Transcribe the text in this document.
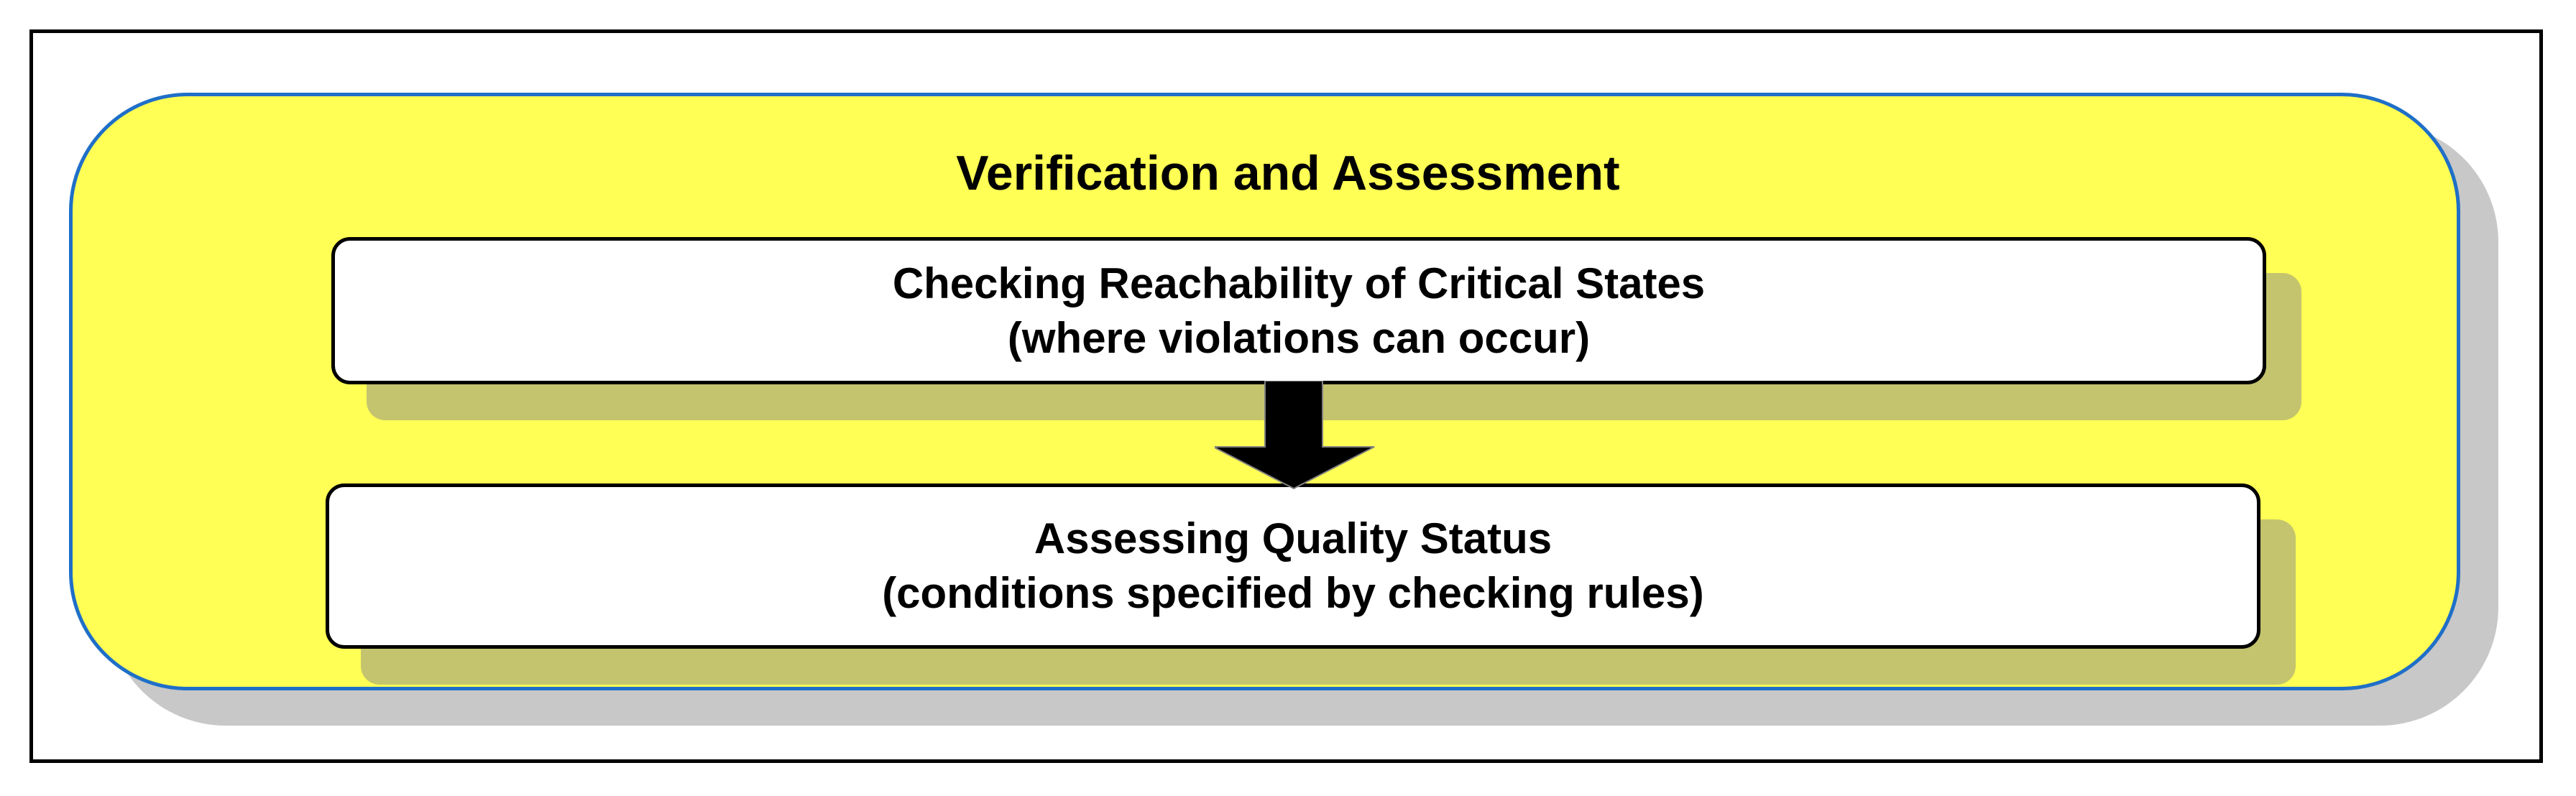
Verification and Assessment
Checking Reachability of Critical States
(where violations can occur)
Assessing Quality Status
(conditions specified by checking rules)
